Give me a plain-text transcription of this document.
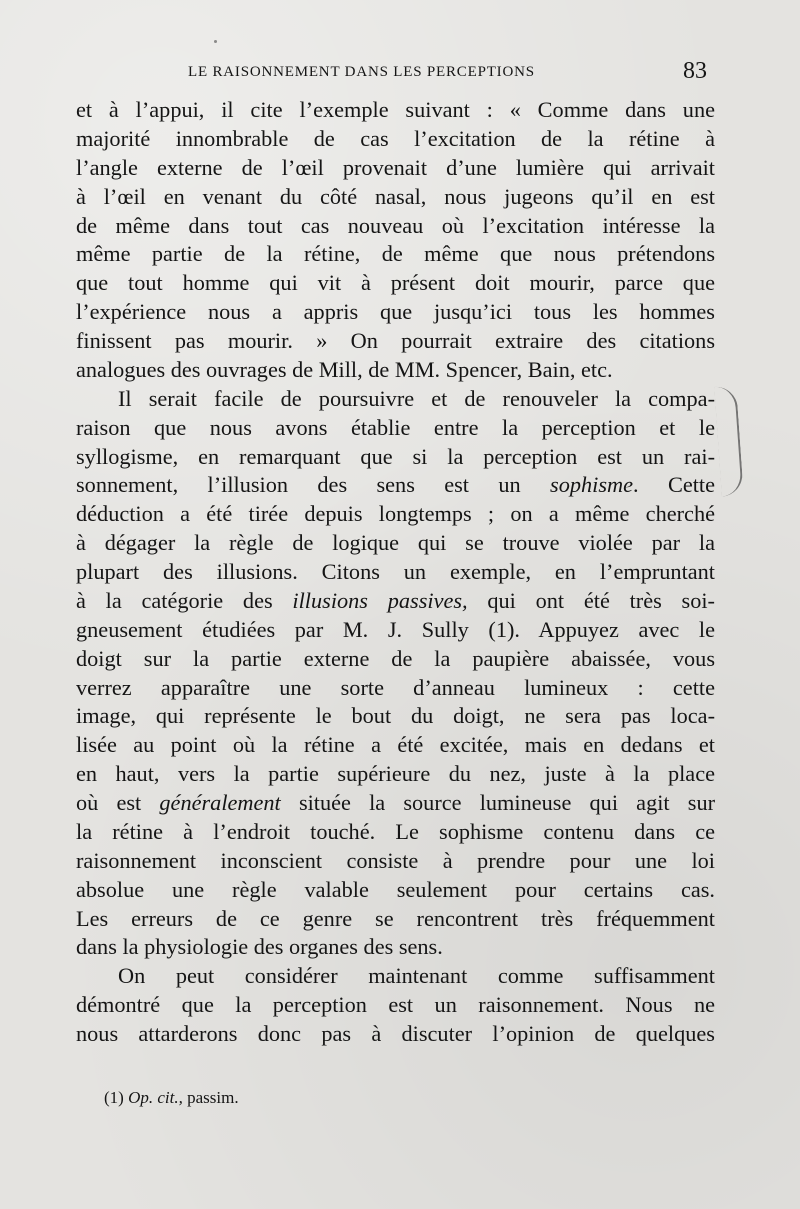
LE RAISONNEMENT DANS LES PERCEPTIONS	83
et à l’appui, il cite l’exemple suivant : « Comme dans une
majorité innombrable de cas l’excitation de la rétine à
l’angle externe de l’œil provenait d’une lumière qui arrivait
à l’œil en venant du côté nasal, nous jugeons qu’il en est
de même dans tout cas nouveau où l’excitation intéresse la
même partie de la rétine, de même que nous prétendons
que tout homme qui vit à présent doit mourir, parce que
l’expérience nous a appris que jusqu’ici tous les hommes
finissent pas mourir. » On pourrait extraire des citations
analogues des ouvrages de Mill, de MM. Spencer, Bain, etc.
Il serait facile de poursuivre et de renouveler la compa-
raison que nous avons établie entre la perception et le
syllogisme, en remarquant que si la perception est un rai-
sonnement, l’illusion des sens est un sophisme. Cette
déduction a été tirée depuis longtemps ; on a même cherché
à dégager la règle de logique qui se trouve violée par la
plupart des illusions. Citons un exemple, en l’empruntant
à la catégorie des illusions passives, qui ont été très soi-
gneusement étudiées par M. J. Sully (1). Appuyez avec le
doigt sur la partie externe de la paupière abaissée, vous
verrez apparaître une sorte d’anneau lumineux : cette
image, qui représente le bout du doigt, ne sera pas loca-
lisée au point où la rétine a été excitée, mais en dedans et
en haut, vers la partie supérieure du nez, juste à la place
où est généralement située la source lumineuse qui agit sur
la rétine à l’endroit touché. Le sophisme contenu dans ce
raisonnement inconscient consiste à prendre pour une loi
absolue une règle valable seulement pour certains cas.
Les erreurs de ce genre se rencontrent très fréquemment
dans la physiologie des organes des sens.
On peut considérer maintenant comme suffisamment
démontré que la perception est un raisonnement. Nous ne
nous attarderons donc pas à discuter l’opinion de quelques
(1) Op. cit., passim.
